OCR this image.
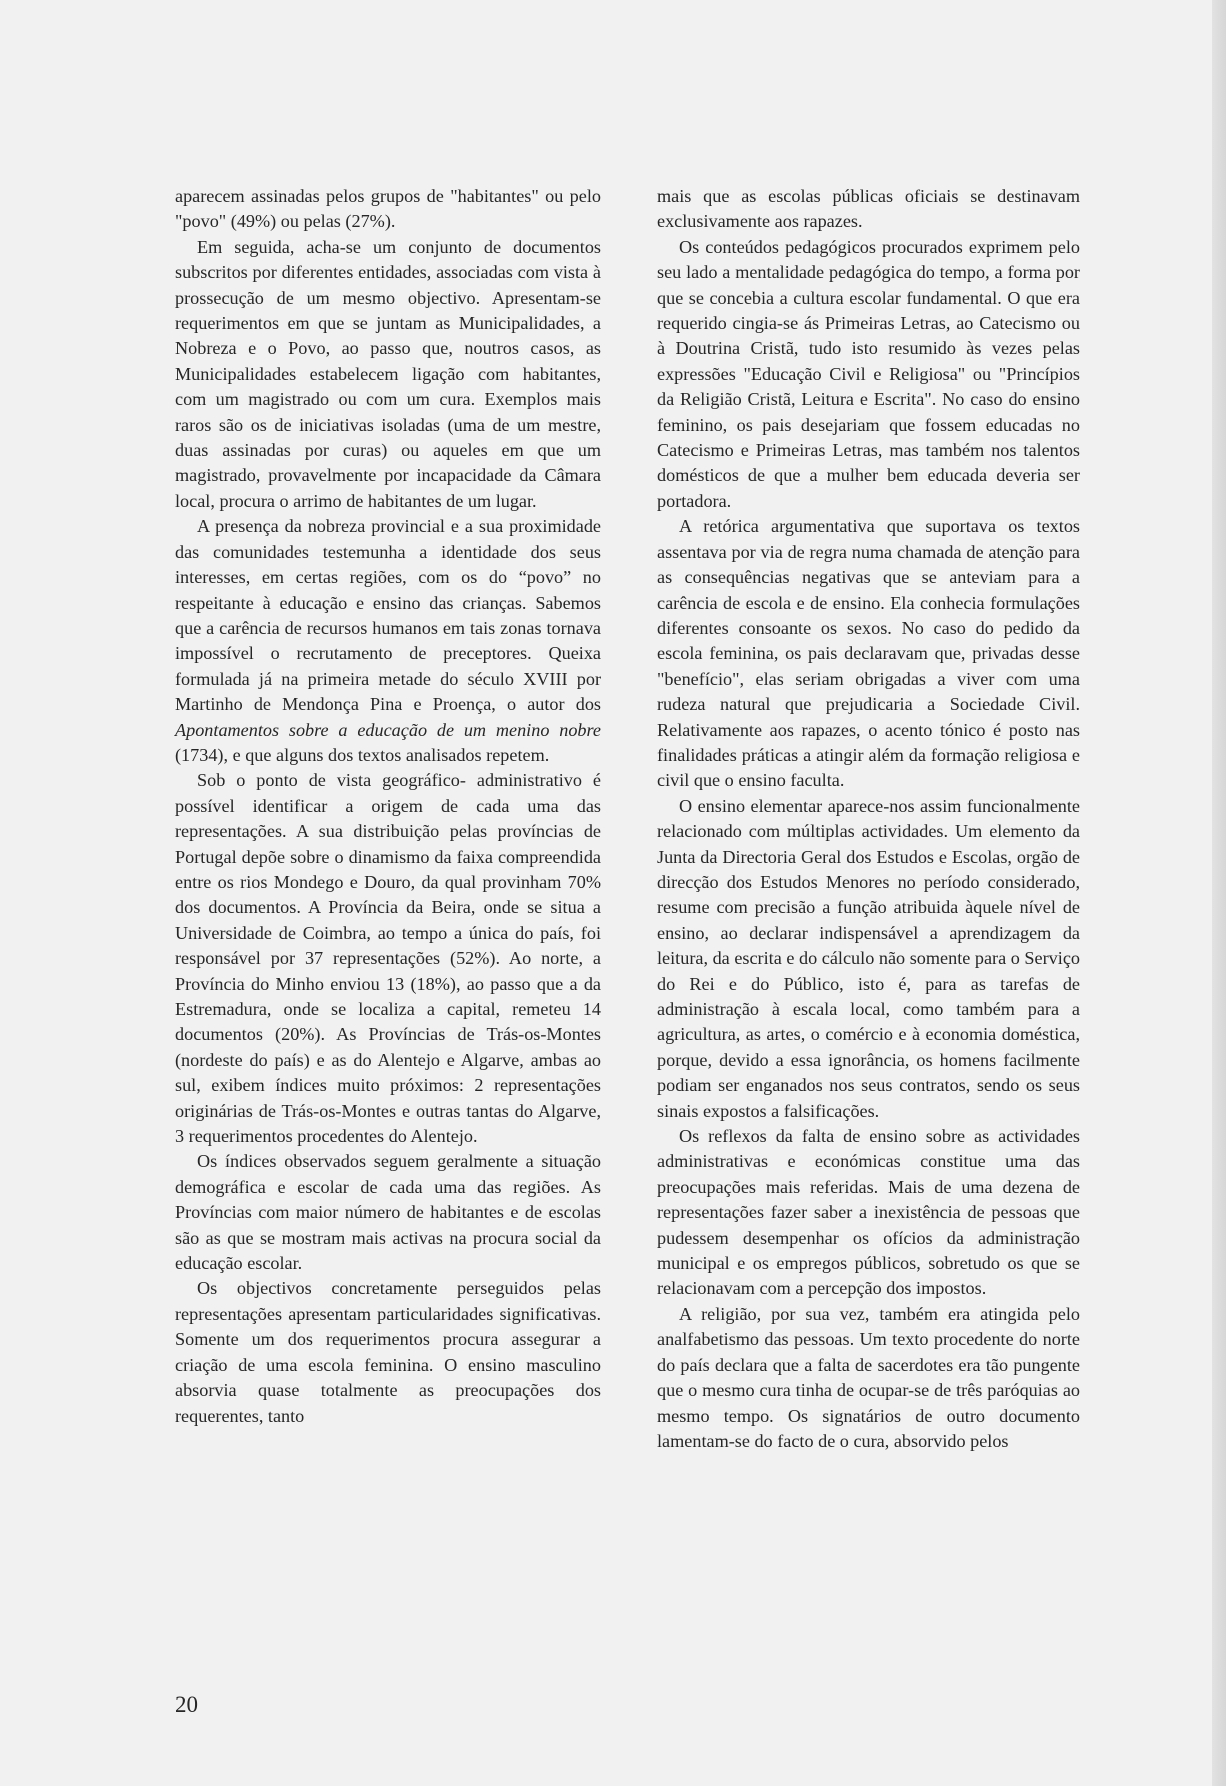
aparecem assinadas pelos grupos de "habitantes" ou pelo "povo" (49%) ou pelas (27%).

Em seguida, acha-se um conjunto de documentos subscritos por diferentes entidades, associadas com vista à prossecução de um mesmo objectivo. Apresentam-se requerimentos em que se juntam as Municipalidades, a Nobreza e o Povo, ao passo que, noutros casos, as Municipalidades estabelecem ligação com habitantes, com um magistrado ou com um cura. Exemplos mais raros são os de iniciativas isoladas (uma de um mestre, duas assinadas por curas) ou aqueles em que um magistrado, provavelmente por incapacidade da Câmara local, procura o arrimo de habitantes de um lugar.

A presença da nobreza provincial e a sua proximidade das comunidades testemunha a identidade dos seus interesses, em certas regiões, com os do “povo” no respeitante à educação e ensino das crianças. Sabemos que a carência de recursos humanos em tais zonas tornava impossível o recrutamento de preceptores. Queixa formulada já na primeira metade do século XVIII por Martinho de Mendonça Pina e Proença, o autor dos Apontamentos sobre a educação de um menino nobre (1734), e que alguns dos textos analisados repetem.

Sob o ponto de vista geográfico- administrativo é possível identificar a origem de cada uma das representações. A sua distribuição pelas províncias de Portugal depõe sobre o dinamismo da faixa compreendida entre os rios Mondego e Douro, da qual provinham 70% dos documentos. A Província da Beira, onde se situa a Universidade de Coimbra, ao tempo a única do país, foi responsável por 37 representações (52%). Ao norte, a Província do Minho enviou 13 (18%), ao passo que a da Estremadura, onde se localiza a capital, remeteu 14 documentos (20%). As Províncias de Trás-os-Montes (nordeste do país) e as do Alentejo e Algarve, ambas ao sul, exibem índices muito próximos: 2 representações originárias de Trás-os-Montes e outras tantas do Algarve, 3 requerimentos procedentes do Alentejo.

Os índices observados seguem geralmente a situação demográfica e escolar de cada uma das regiões. As Províncias com maior número de habitantes e de escolas são as que se mostram mais activas na procura social da educação escolar.

Os objectivos concretamente perseguidos pelas representações apresentam particularidades significativas. Somente um dos requerimentos procura assegurar a criação de uma escola feminina. O ensino masculino absorvia quase totalmente as preocupações dos requerentes, tanto

mais que as escolas públicas oficiais se destinavam exclusivamente aos rapazes.

Os conteúdos pedagógicos procurados exprimem pelo seu lado a mentalidade pedagógica do tempo, a forma por que se concebia a cultura escolar fundamental. O que era requerido cingia-se ás Primeiras Letras, ao Catecismo ou à Doutrina Cristã, tudo isto resumido às vezes pelas expressões "Educação Civil e Religiosa" ou "Princípios da Religião Cristã, Leitura e Escrita". No caso do ensino feminino, os pais desejariam que fossem educadas no Catecismo e Primeiras Letras, mas também nos talentos domésticos de que a mulher bem educada deveria ser portadora.

A retórica argumentativa que suportava os textos assentava por via de regra numa chamada de atenção para as consequências negativas que se anteviam para a carência de escola e de ensino. Ela conhecia formulações diferentes consoante os sexos. No caso do pedido da escola feminina, os pais declaravam que, privadas desse "benefício", elas seriam obrigadas a viver com uma rudeza natural que prejudicaria a Sociedade Civil. Relativamente aos rapazes, o acento tónico é posto nas finalidades práticas a atingir além da formação religiosa e civil que o ensino faculta.

O ensino elementar aparece-nos assim funcionalmente relacionado com múltiplas actividades. Um elemento da Junta da Directoria Geral dos Estudos e Escolas, orgão de direcção dos Estudos Menores no período considerado, resume com precisão a função atribuida àquele nível de ensino, ao declarar indispensável a aprendizagem da leitura, da escrita e do cálculo não somente para o Serviço do Rei e do Público, isto é, para as tarefas de administração à escala local, como também para a agricultura, as artes, o comércio e à economia doméstica, porque, devido a essa ignorância, os homens facilmente podiam ser enganados nos seus contratos, sendo os seus sinais expostos a falsificações.

Os reflexos da falta de ensino sobre as actividades administrativas e económicas constitue uma das preocupações mais referidas. Mais de uma dezena de representações fazer saber a inexistência de pessoas que pudessem desempenhar os ofícios da administração municipal e os empregos públicos, sobretudo os que se relacionavam com a percepção dos impostos.

A religião, por sua vez, também era atingida pelo analfabetismo das pessoas. Um texto procedente do norte do país declara que a falta de sacerdotes era tão pungente que o mesmo cura tinha de ocupar-se de três paróquias ao mesmo tempo. Os signatários de outro documento lamentam-se do facto de o cura, absorvido pelos

20
